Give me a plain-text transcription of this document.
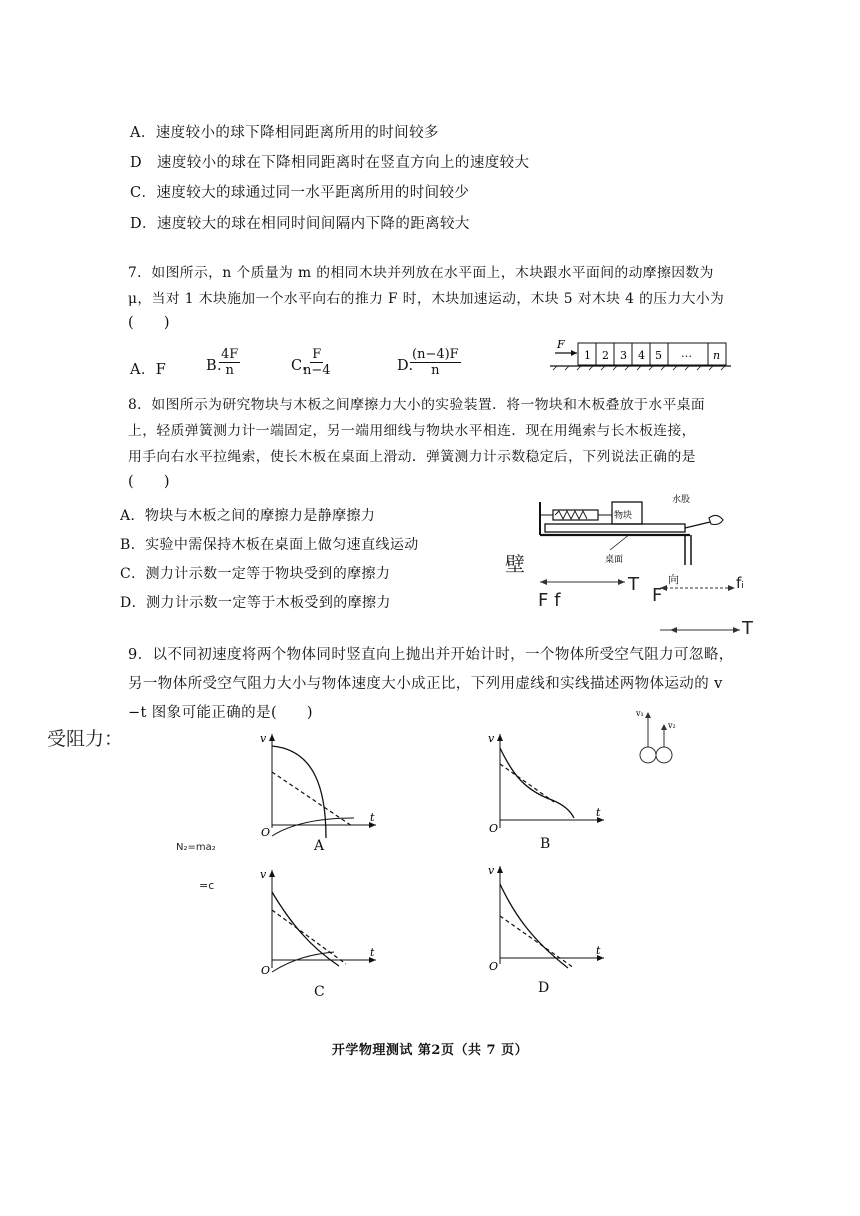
A．速度较小的球下降相同距离所用的时间较多
D　速度较小的球在下降相同距离时在竖直方向上的速度较大
C．速度较大的球通过同一水平距离所用的时间较少
D．速度较大的球在相同时间间隔内下降的距离较大
7．如图所示，n 个质量为 m 的相同木块并列放在水平面上，木块跟水平面间的动摩擦因数为
μ，当对 1 木块施加一个水平向右的推力 F 时，木块加速运动，木块 5 对木块 4 的压力大小为
(　　)
A．F	B.
$\frac{4F}{n}$	C.
$\frac{F}{n-4}$	D.
$\frac{(n-4)F}{n}$
F
1 2 3 4 5 … n
8．如图所示为研究物块与木板之间摩擦力大小的实验装置．将一物块和木板叠放于水平桌面
上，轻质弹簧测力计一端固定，另一端用细线与物块水平相连．现在用绳索与长木板连接，
用手向右水平拉绳索，使长木板在桌面上滑动．弹簧测力计示数稳定后，下列说法正确的是
(　　)
A．物块与木板之间的摩擦力是静摩擦力
B．实验中需保持木板在桌面上做匀速直线运动
C．测力计示数一定等于物块受到的摩擦力
D．测力计示数一定等于木板受到的摩擦力
物块
水股
桌面
壁
F f
T
F
向	fᵢ
T
9．以不同初速度将两个物体同时竖直向上抛出并开始计时，一个物体所受空气阻力可忽略，
另一物体所受空气阻力大小与物体速度大小成正比，下列用虚线和实线描述两物体运动的 v
−t 图象可能正确的是(　　)
受阻力：
N₂=ma₂
=c
v₁
v₂
v
t
O
A
v
t
O
B
v
t
O
C
v
t
O
D
开学物理测试 第2页（共 7 页）
